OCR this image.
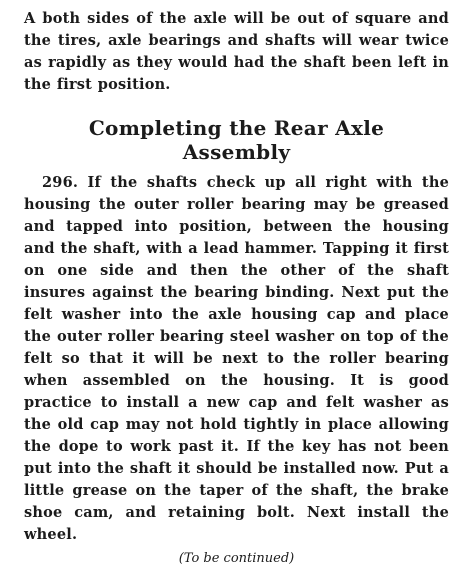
A both sides of the axle will be out of square and the tires, axle bearings and shafts will wear twice as rapidly as they would had the shaft been left in the first position.

Completing the Rear Axle
Assembly

296. If the shafts check up all right with the housing the outer roller bearing may be greased and tapped into position, between the housing and the shaft, with a lead hammer. Tapping it first on one side and then the other of the shaft insures against the bearing binding. Next put the felt washer into the axle housing cap and place the outer roller bearing steel washer on top of the felt so that it will be next to the roller bearing when assembled on the housing. It is good practice to install a new cap and felt washer as the old cap may not hold tightly in place allowing the dope to work past it. If the key has not been put into the shaft it should be installed now. Put a little grease on the taper of the shaft, the brake shoe cam, and retaining bolt. Next install the wheel.

(To be continued)
